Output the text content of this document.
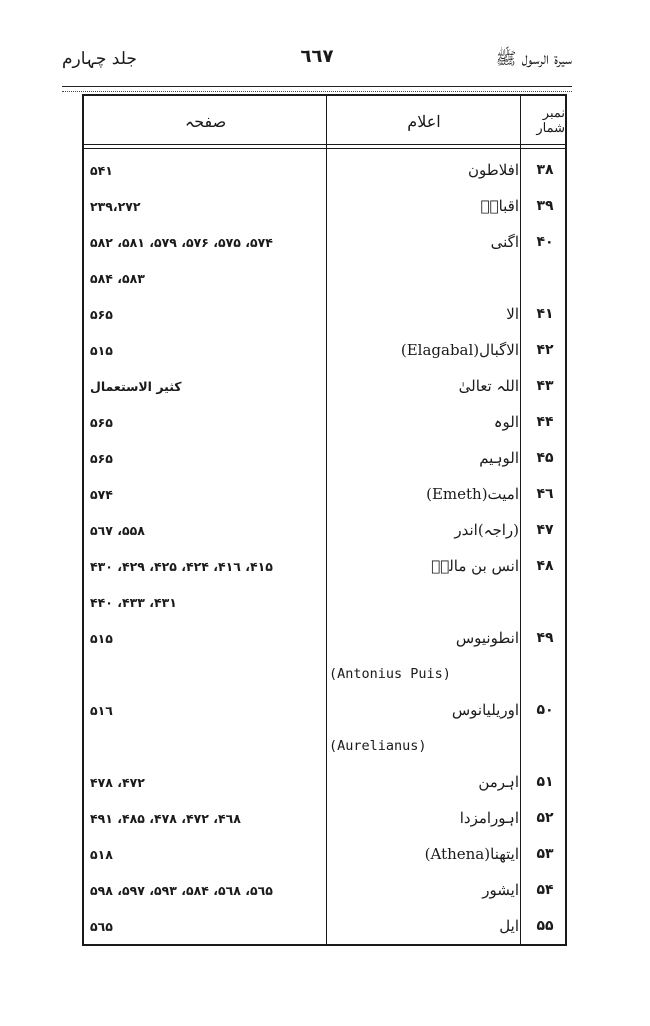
سیرة الرسول ﷺ
٦٦٧
جلد چہارم
نمبر شمار
اعلام
صفحہ
٣٨
افلاطون
۵۴۱
٣٩
اقبالؒ
۲۳۹،۲۷۲
۴۰
اگنی
۵۷۴، ۵۷۵، ۵۷۶، ۵۷۹، ۵۸۱، ۵۸۲
۵۸۳، ۵۸۴
۴۱
الا
۵۶۵
۴۲
الاگبال(Elagabal)
۵۱۵
۴۳
اللہ تعالیٰ
کثیر الاستعمال
۴۴
الوہ
۵۶۵
۴۵
الوہیم
۵۶۵
۴٦
امیت(Emeth)
۵۷۴
۴۷
(راجہ)اندر
۵۵۸، ۵٦۷
۴۸
انس بن مالکؓ
۴۱۵، ۴۱٦، ۴۲۴، ۴۲۵، ۴۲۹، ۴۳۰
۴۳۱، ۴۳۳، ۴۴۰
۴۹
انطونیوس
۵۱۵
(Antonius Puis)
۵۰
اوریلیانوس
۵۱٦
(Aurelianus)
۵۱
اہرمن
۴۷۲، ۴۷۸
۵۲
اہورامزدا
۴٦۸، ۴۷۲، ۴۷۸، ۴۸۵، ۴۹۱
۵۳
ایتھنا(Athena)
۵۱۸
۵۴
ایشور
۵٦۵، ۵٦۸، ۵۸۴، ۵۹۳، ۵۹۷، ۵۹۸
۵۵
ایل
۵٦۵
